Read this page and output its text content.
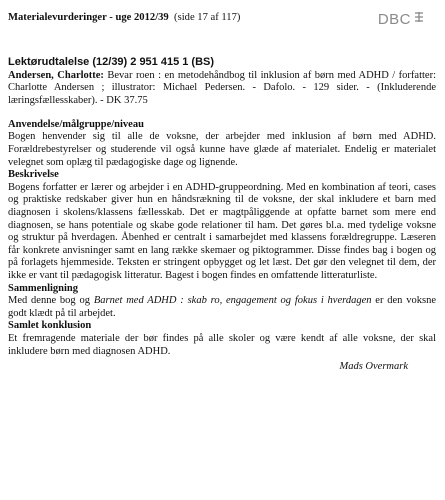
Materialevurderinger - uge 2012/39 (side 17 af 117)	DBC
Lektørudtalelse (12/39) 2 951 415 1 (BS)

Andersen, Charlotte: Bevar roen : en metodehåndbog til inklusion af børn med ADHD / forfatter: Charlotte Andersen ; illustrator: Michael Pedersen. - Dafolo. - 129 sider. - (Inkluderende læringsfællesskaber). - DK 37.75

Anvendelse/målgruppe/niveau

Bogen henvender sig til alle de voksne, der arbejder med inklusion af børn med ADHD. Forældrebestyrelser og studerende vil også kunne have glæde af materialet. Endelig er materialet velegnet som oplæg til pædagogiske dage og lignende.

Beskrivelse

Bogens forfatter er lærer og arbejder i en ADHD-gruppeordning. Med en kombination af teori, cases og praktiske redskaber giver hun en håndsrækning til de voksne, der skal inkludere et barn med diagnosen i skolens/klassens fællesskab. Det er magtpåliggende at opfatte barnet som mere end diagnosen, se hans potentiale og skabe gode relationer til ham. Det gøres bl.a. med tydelige voksne og struktur på hverdagen. Åbenhed er centralt i samarbejdet med klassens forældregruppe. Læseren får konkrete anvisninger samt en lang række skemaer og piktogrammer. Disse findes bag i bogen og på forlagets hjemmeside. Teksten er stringent opbygget og let læst. Det gør den velegnet til dem, der ikke er vant til pædagogisk litteratur. Bagest i bogen findes en omfattende litteraturliste.

Sammenligning

Med denne bog og Barnet med ADHD : skab ro, engagement og fokus i hverdagen er den voksne godt klædt på til arbejdet.

Samlet konklusion

Et fremragende materiale der bør findes på alle skoler og være kendt af alle voksne, der skal inkludere børn med diagnosen ADHD.

Mads Overmark
